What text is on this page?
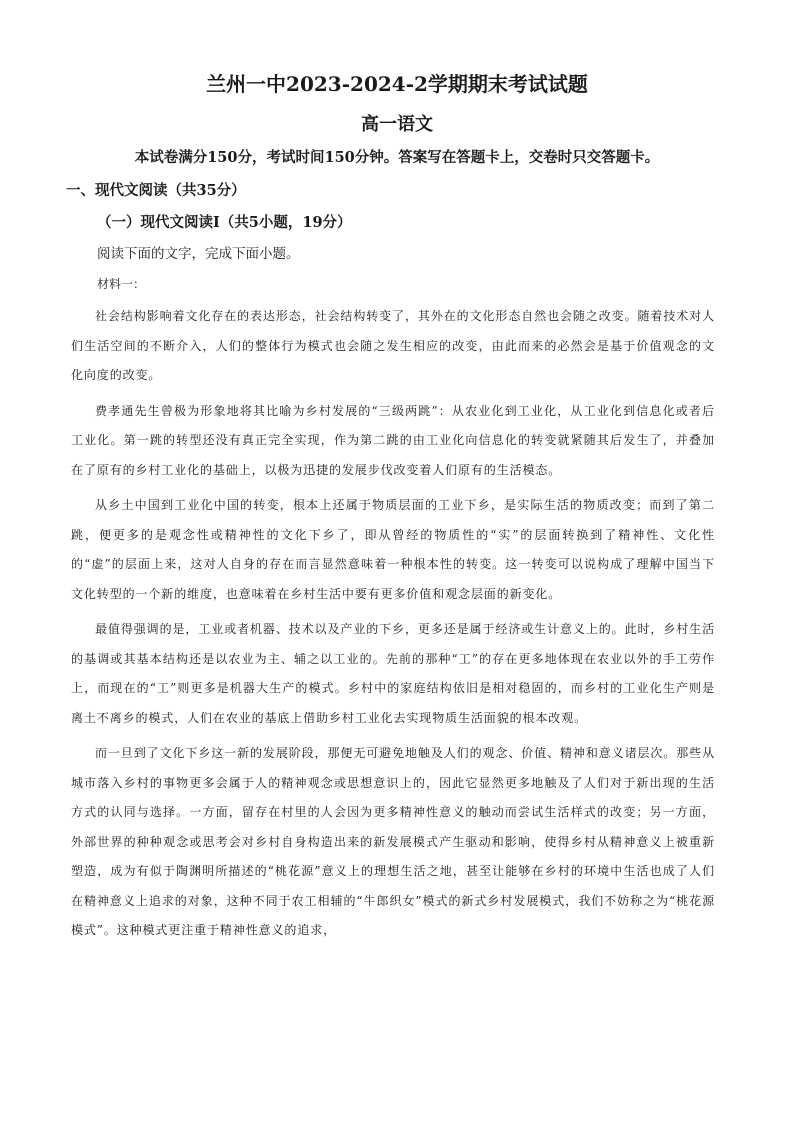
兰州一中2023-2024-2学期期末考试试题
高一语文
本试卷满分150分，考试时间150分钟。答案写在答题卡上，交卷时只交答题卡。
一、现代文阅读（共35分）
（一）现代文阅读Ⅰ（共5小题，19分）
阅读下面的文字，完成下面小题。
材料一：

社会结构影响着文化存在的表达形态，社会结构转变了，其外在的文化形态自然也会随之改变。随着技术对人们生活空间的不断介入，人们的整体行为模式也会随之发生相应的改变，由此而来的必然会是基于价值观念的文化向度的改变。

费孝通先生曾极为形象地将其比喻为乡村发展的“三级两跳”：从农业化到工业化，从工业化到信息化或者后工业化。第一跳的转型还没有真正完全实现，作为第二跳的由工业化向信息化的转变就紧随其后发生了，并叠加在了原有的乡村工业化的基础上，以极为迅捷的发展步伐改变着人们原有的生活模态。

从乡土中国到工业化中国的转变，根本上还属于物质层面的工业下乡，是实际生活的物质改变；而到了第二跳，便更多的是观念性或精神性的文化下乡了，即从曾经的物质性的“实”的层面转换到了精神性、文化性的“虚”的层面上来，这对人自身的存在而言显然意味着一种根本性的转变。这一转变可以说构成了理解中国当下文化转型的一个新的维度，也意味着在乡村生活中要有更多价值和观念层面的新变化。

最值得强调的是，工业或者机器、技术以及产业的下乡，更多还是属于经济或生计意义上的。此时，乡村生活的基调或其基本结构还是以农业为主、辅之以工业的。先前的那种“工”的存在更多地体现在农业以外的手工劳作上，而现在的“工”则更多是机器大生产的模式。乡村中的家庭结构依旧是相对稳固的，而乡村的工业化生产则是离土不离乡的模式，人们在农业的基底上借助乡村工业化去实现物质生活面貌的根本改观。

而一旦到了文化下乡这一新的发展阶段，那便无可避免地触及人们的观念、价值、精神和意义诸层次。那些从城市落入乡村的事物更多会属于人的精神观念或思想意识上的，因此它显然更多地触及了人们对于新出现的生活方式的认同与选择。一方面，留存在村里的人会因为更多精神性意义的触动而尝试生活样式的改变；另一方面，外部世界的种种观念或思考会对乡村自身构造出来的新发展模式产生驱动和影响，使得乡村从精神意义上被重新塑造，成为有似于陶渊明所描述的“桃花源”意义上的理想生活之地，甚至让能够在乡村的环境中生活也成了人们在精神意义上追求的对象，这种不同于农工相辅的“牛郎织女”模式的新式乡村发展模式，我们不妨称之为“桃花源模式”。这种模式更注重于精神性意义的追求，
